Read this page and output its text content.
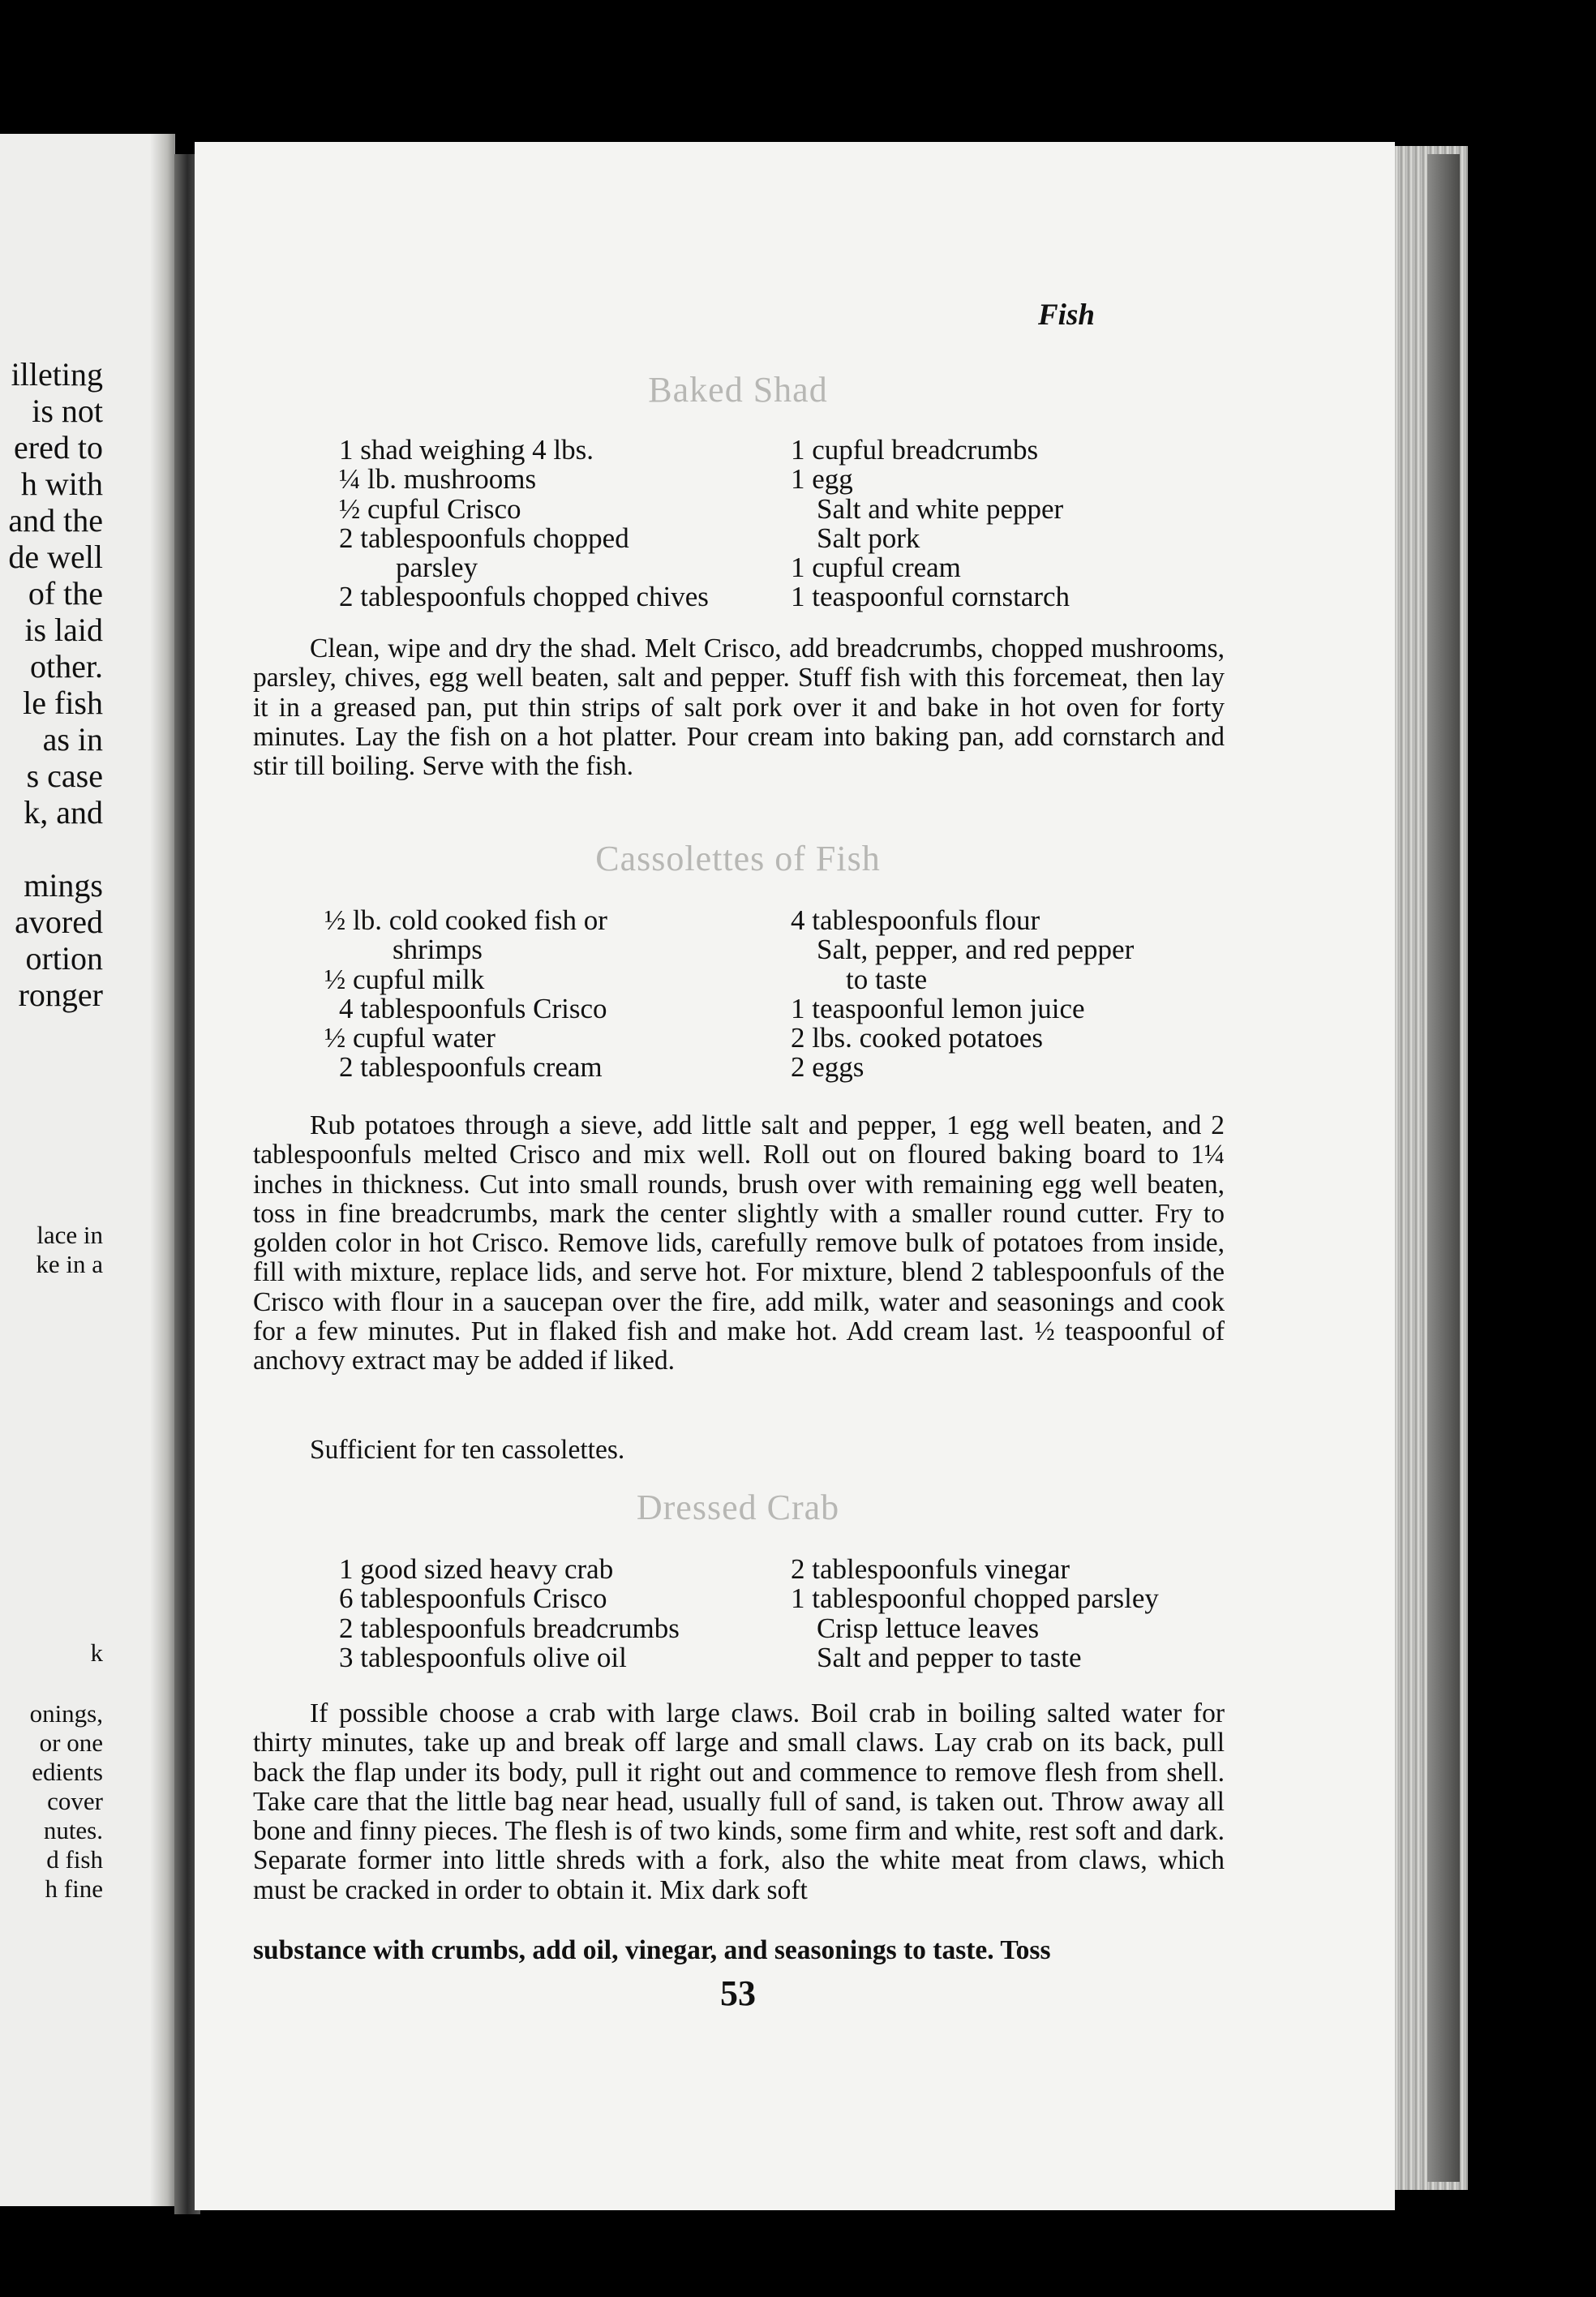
illeting
is not
ered to
h with
and the
de well
of the
is laid
other.
le fish
as in
s case
k, and
mings
avored
ortion
ronger
lace in
ke in a
k
onings,
or one
edients
cover
nutes.
d fish
h fine
Fish
Baked Shad
1 shad weighing 4 lbs.
¼ lb. mushrooms
½ cupful Crisco
2 tablespoonfuls chopped
parsley
2 tablespoonfuls chopped chives
1 cupful breadcrumbs
1 egg
Salt and white pepper
Salt pork
1 cupful cream
1 teaspoonful cornstarch

Clean, wipe and dry the shad. Melt Crisco, add breadcrumbs, chopped mushrooms, parsley, chives, egg well beaten, salt and pepper. Stuff fish with this forcemeat, then lay it in a greased pan, put thin strips of salt pork over it and bake in hot oven for forty minutes. Lay the fish on a hot platter. Pour cream into baking pan, add cornstarch and stir till boiling. Serve with the fish.

Cassolettes of Fish
½ lb. cold cooked fish or
shrimps
½ cupful milk
4 tablespoonfuls Crisco
½ cupful water
2 tablespoonfuls cream
4 tablespoonfuls flour
Salt, pepper, and red pepper
to taste
1 teaspoonful lemon juice
2 lbs. cooked potatoes
2 eggs

Rub potatoes through a sieve, add little salt and pepper, 1 egg well beaten, and 2 tablespoonfuls melted Crisco and mix well. Roll out on floured baking board to 1¼ inches in thickness. Cut into small rounds, brush over with remaining egg well beaten, toss in fine breadcrumbs, mark the center slightly with a smaller round cutter. Fry to golden color in hot Crisco. Remove lids, carefully remove bulk of potatoes from inside, fill with mixture, replace lids, and serve hot. For mixture, blend 2 tablespoonfuls of the Crisco with flour in a saucepan over the fire, add milk, water and seasonings and cook for a few minutes. Put in flaked fish and make hot. Add cream last. ½ teaspoonful of anchovy extract may be added if liked.

Sufficient for ten cassolettes.

Dressed Crab
1 good sized heavy crab
6 tablespoonfuls Crisco
2 tablespoonfuls breadcrumbs
3 tablespoonfuls olive oil
2 tablespoonfuls vinegar
1 tablespoonful chopped parsley
Crisp lettuce leaves
Salt and pepper to taste

If possible choose a crab with large claws. Boil crab in boiling salted water for thirty minutes, take up and break off large and small claws. Lay crab on its back, pull back the flap under its body, pull it right out and commence to remove flesh from shell. Take care that the little bag near head, usually full of sand, is taken out. Throw away all bone and finny pieces. The flesh is of two kinds, some firm and white, rest soft and dark. Separate former into little shreds with a fork, also the white meat from claws, which must be cracked in order to obtain it. Mix dark soft

substance with crumbs, add oil, vinegar, and seasonings to taste. Toss

53
